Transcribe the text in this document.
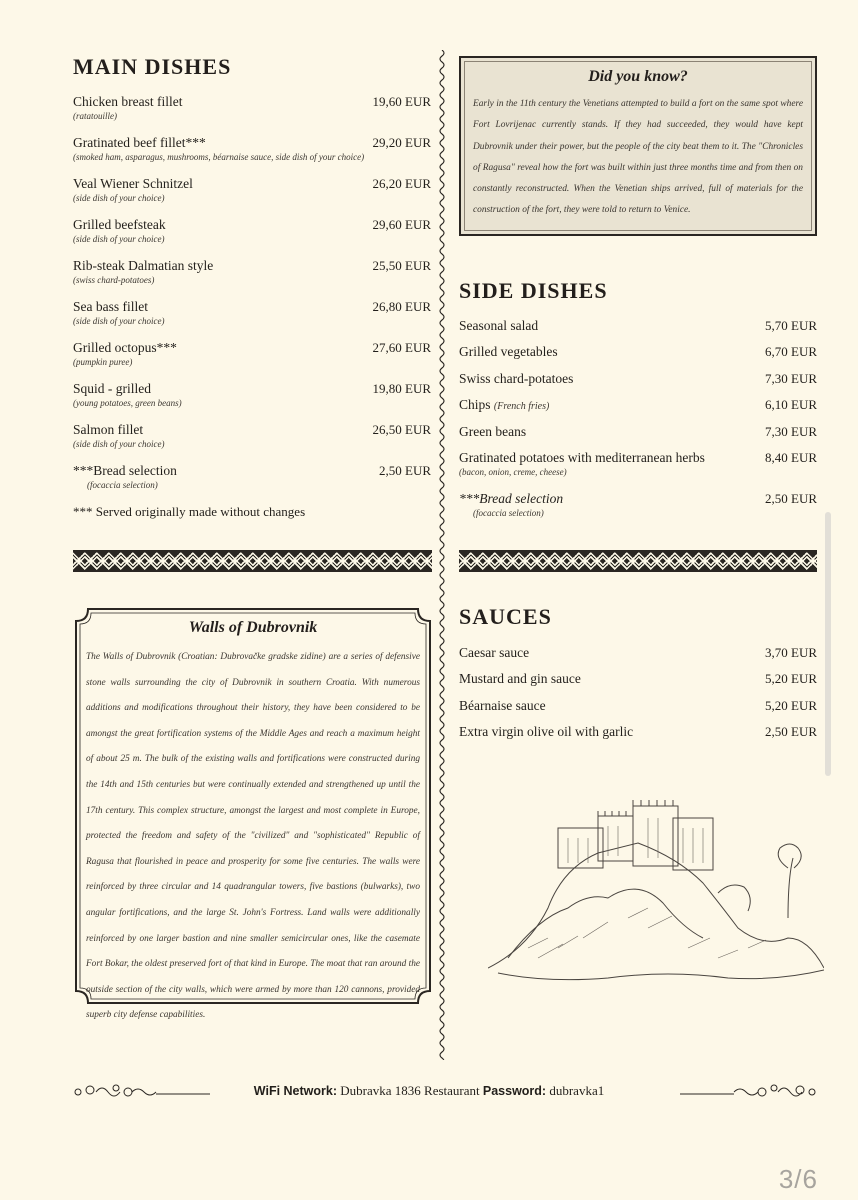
MAIN DISHES
Chicken breast fillet
(ratatouille)
19,60 EUR
Gratinated beef fillet***
(smoked ham, asparagus, mushrooms, béarnaise sauce, side dish of your choice)
29,20 EUR
Veal Wiener Schnitzel
(side dish of your choice)
26,20 EUR
Grilled beefsteak
(side dish of your choice)
29,60 EUR
Rib-steak Dalmatian style
(swiss chard-potatoes)
25,50 EUR
Sea bass fillet
(side dish of your choice)
26,80 EUR
Grilled octopus***
(pumpkin puree)
27,60 EUR
Squid - grilled
(young potatoes, green beans)
19,80 EUR
Salmon fillet
(side dish of your choice)
26,50 EUR
***Bread selection
(focaccia selection)
2,50 EUR
*** Served originally made without changes
Did you know?
Early in the 11th century the Venetians attempted to build a fort on the same spot where Fort Lovrijenac currently stands. If they had succeeded, they would have kept Dubrovnik under their power, but the people of the city beat them to it. The "Chronicles of Ragusa" reveal how the fort was built within just three months time and from then on constantly reconstructed. When the Venetian ships arrived, full of materials for the construction of the fort, they were told to return to Venice.
SIDE DISHES
Seasonal salad	5,70 EUR
Grilled vegetables	6,70 EUR
Swiss chard-potatoes	7,30 EUR
Chips (French fries)	6,10 EUR
Green beans	7,30 EUR
Gratinated potatoes with mediterranean herbs
(bacon, onion, creme, cheese)
8,40 EUR
***Bread selection
(focaccia selection)
2,50 EUR
SAUCES
Caesar sauce	3,70 EUR
Mustard and gin sauce	5,20 EUR
Béarnaise sauce	5,20 EUR
Extra virgin olive oil with garlic	2,50 EUR
Walls of Dubrovnik
The Walls of Dubrovnik (Croatian: Dubrovačke gradske zidine) are a series of defensive stone walls surrounding the city of Dubrovnik in southern Croatia. With numerous additions and modifications throughout their history, they have been considered to be amongst the great fortification systems of the Middle Ages and reach a maximum height of about 25 m. The bulk of the existing walls and fortifications were constructed during the 14th and 15th centuries but were continually extended and strengthened up until the 17th century. This complex structure, amongst the largest and most complete in Europe, protected the freedom and safety of the "civilized" and "sophisticated" Republic of Ragusa that flourished in peace and prosperity for some five centuries. The walls were reinforced by three circular and 14 quadrangular towers, five bastions (bulwarks), two angular fortifications, and the large St. John's Fortress. Land walls were additionally reinforced by one larger bastion and nine smaller semicircular ones, like the casemate Fort Bokar, the oldest preserved fort of that kind in Europe. The moat that ran around the outside section of the city walls, which were armed by more than 120 cannons, provided superb city defense capabilities.
WiFi Network: Dubravka 1836 Restaurant Password: dubravka1
3/6
